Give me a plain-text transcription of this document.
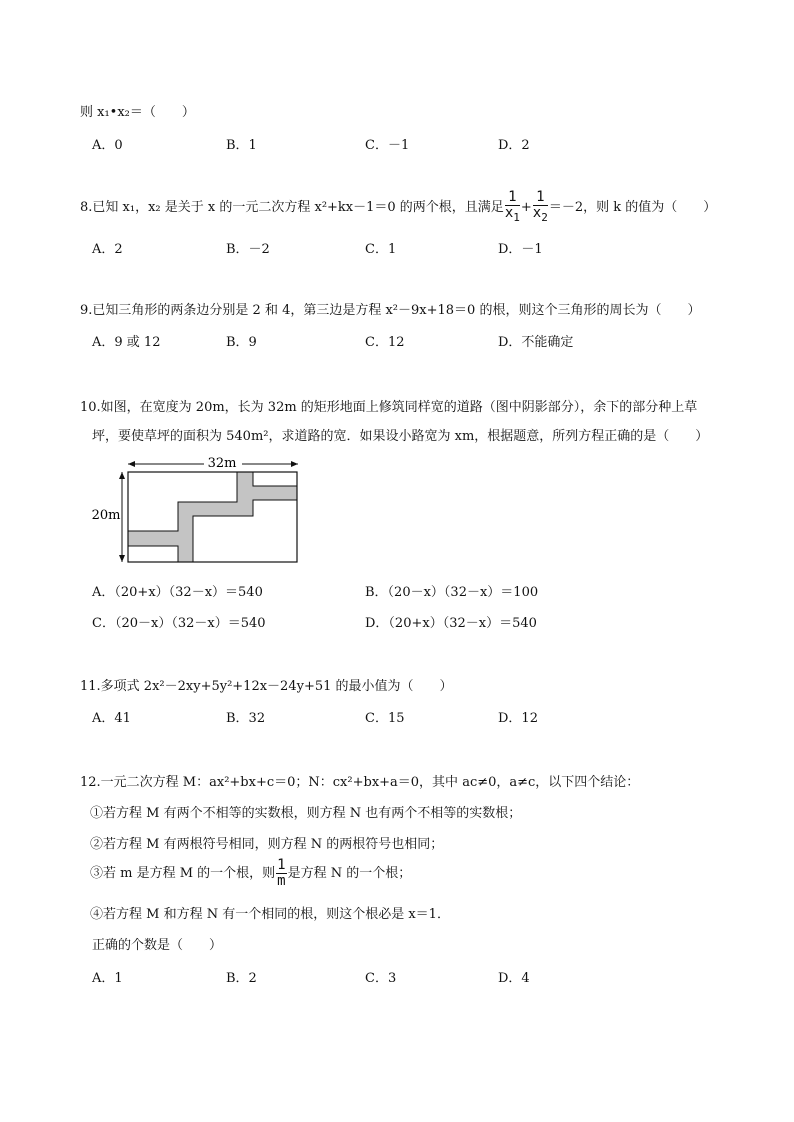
则 x₁•x₂＝（　　）
A．0	B．1	C．－1	D．2
8.已知 x₁，x₂ 是关于 x 的一元二次方程 x²+kx－1＝0 的两个根，且满足 $\frac{1}{x_1} + \frac{1}{x_2} =-2$，则 k 的值为（　　）
A．2	B．－2	C．1	D．－1
9.已知三角形的两条边分别是 2 和 4，第三边是方程 x²－9x+18＝0 的根，则这个三角形的周长为（　　）
A．9 或 12	B．9	C．12	D．不能确定
10.如图，在宽度为 20m，长为 32m 的矩形地面上修筑同样宽的道路（图中阴影部分），余下的部分种上草
坪，要使草坪的面积为 540m²，求道路的宽．如果设小路宽为 xm，根据题意，所列方程正确的是（　　）
32m
20m
A．（20+x）（32－x）＝540	B．（20－x）（32－x）＝100
C．（20－x）（32－x）＝540	D．（20+x）（32－x）＝540
11.多项式 2x²－2xy+5y²+12x－24y+51 的最小值为（　　）
A．41	B．32	C．15	D．12
12.一元二次方程 M：ax²+bx+c＝0；N：cx²+bx+a＝0，其中 ac≠0，a≠c，以下四个结论：
①若方程 M 有两个不相等的实数根，则方程 N 也有两个不相等的实数根；
②若方程 M 有两根符号相同，则方程 N 的两根符号也相同；
③若 m 是方程 M 的一个根，则 $\frac{1}{m}$ 是方程 N 的一个根；
④若方程 M 和方程 N 有一个相同的根，则这个根必是 x＝1．
正确的个数是（　　）
A．1	B．2	C．3	D．4
